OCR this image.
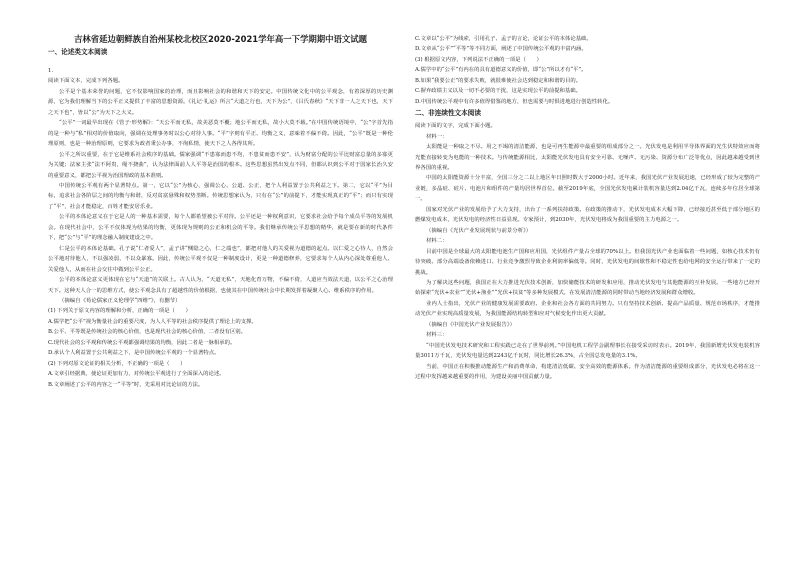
吉林省延边朝鲜族自治州某校北校区2020-2021学年高一下学期期中语文试题
一、论述类文本阅读

1.

阅读下面文本，完成下列各题。

公平是个基本荣誉的问题，它不仅影响国家的治理，而且影响社会的和谐和天下的安定。中国传统文化中的公平观念，有着深厚的历史渊源，它为我们理解当下的公平正义提供了丰富的思想资源。《礼记·礼运》所言“大道之行也，天下为公”，《吕氏春秋》“天下非一人之天下也，天下之天下也”，皆以“公”为天下之大义。

“公平”一词最早出现在《管子·形势解》：“天公平而无私，故美恶莫不覆；地公平而无私，故小大莫不载。”在中国传统语境中，“公”字首先指的是一种与“私”相对的价值取向，强调在处理事务时以公心对待人事。“平”字则有平正、均衡之义，意味着不偏不倚。因此，“公平”既是一种伦理原则，也是一种治理原则，它要求为政者秉公办事，不徇私情，使天下之人各得其所。

公平之所以重要，在于它是维系社会秩序的基础。儒家强调“不患寡而患不均，不患贫而患不安”，认为财富分配的公平比财富总量的多寡更为关键；法家主张“法不阿贵，绳不挠曲”，认为法律面前人人平等是治国的根本。这些思想虽然出发点不同，但都认识到公平对于国家长治久安的重要意义，都把公平视为治国理政的基本准则。

中国传统公平观有两个显著特点。第一，它以“公”为核心，强调公心、公道、公正，把个人利益置于公共利益之下。第二，它以“平”为目标，追求社会各阶层之间的均衡与和谐，反对贫富悬殊和权势垄断。传统思想家认为，只有在“公”的前提下，才能实现真正的“平”；而只有实现了“平”，社会才能稳定，百姓才能安居乐业。

公平的本体论意义在于它是人的一种基本需要，每个人都希望被公平对待。公平还是一种权利意识，它要求社会给予每个成员平等的发展机会。在现代社会中，公平不仅体现为结果的均衡，更体现为规则的公正和机会的平等。我们继承传统公平思想的精华，就是要在新的时代条件下，把“公”与“平”的理念融入制度建设之中。

仁是公平的本体论基础。孔子说“仁者爱人”，孟子讲“恻隐之心，仁之端也”，都把对他人的关爱视为道德的起点。以仁爱之心待人，自然会公平地对待他人，不以强凌弱，不以众暴寡。因此，传统公平观不仅是一种制度设计，更是一种道德修养，它要求每个人从内心深处尊重他人、关爱他人，从而在社会交往中做到公平公正。

公平的本体论意义更体现在它与“天道”的关联上。古人认为，“天道无私”，天地化育万物，不偏不倚，人道应当效法天道，以公平之心治理天下。这种天人合一的思维方式，使公平观念具有了超越性的价值根据，也使其在中国传统社会中长期发挥着凝聚人心、维系秩序的作用。

（摘编自《荀论儒家正义伦理学“四维”》，有删节）

(1) 下列关于原文内容的理解和分析，正确的一项是（　　）

A.儒学把“公平”视为衡量社会的重要尺度，为人人平等的社会秩序提供了理论上的支撑。

B.公平、平等既是传统社会的核心价值，也是现代社会的核心价值，二者没有区别。

C.现代社会的公平观和传统公平观都强调结果的均衡，因此二者是一脉相承的。

D.承认个人利益置于公共利益之下，是中国传统公平观的一个显著特点。

(2) 下列对原文论证的相关分析，不正确的一项是（　　）

A.文章引经据典，使论证更加有力，对传统公平观进行了全面深入的论述。

B.文章阐述了公平的内容之一“平等”时，先采用对比论证的方法。

C.文章以“公平”为线索，引用孔子、孟子的言论，论证公平的本体论基础。

D.文章从“公平”“平等”等不同方面，阐述了中国传统公平观的丰富内涵。

(3) 根据原文内容，下列说法不正确的一项是（　　）

A.儒学中的“公平”有内在的具有道德意义的价值，即“公”所以才有“平”。

B.如果“我要公正”的要求失败，就很难使社会达到稳定和和谐的目的。

C.摒弃政绩主义以及一切不必要的干扰，这是实现公平的前提和基础。

D.中国传统公平观中有许多值得借鉴的地方，但也需要与时俱进地进行创造性转化。

二、非连续性文本阅读

阅读下面的文字，完成下面小题。

材料一：

太阳能是一种取之不尽、用之不竭的清洁能源，也是可再生能源中最重要的组成部分之一。光伏发电是利用半导体界面的光生伏特效应而将光能直接转变为电能的一种技术。与传统能源相比，太阳能光伏发电具有安全可靠、无噪声、无污染、资源分布广泛等优点，因此越来越受到世界各国的重视。

中国的太阳能资源十分丰富，全国三分之二以上地区年日照时数大于2000小时。近年来，我国光伏产业发展迅速，已经形成了较为完整的产业链，多晶硅、硅片、电池片和组件的产量均居世界首位。截至2019年底，全国光伏发电累计装机容量达到2.04亿千瓦，连续多年位居全球第一。

国家对光伏产业的发展给予了大力支持，出台了一系列扶持政策。在政策的推动下，光伏发电成本大幅下降，已经接近甚至低于部分地区的燃煤发电成本，光伏发电的经济性日益显现。专家预计，到2030年，光伏发电将成为我国重要的主力电源之一。

（摘编自《光伏产业发展现状与前景分析》）

材料二：

目前中国是全球最大的太阳能电池生产国和应用国，光伏组件产量占全球的70%以上。但我国光伏产业也面临着一些问题，如核心技术仍有待突破、部分高端设备依赖进口、行业竞争激烈导致企业利润率偏低等。同时，光伏发电的间歇性和不稳定性也给电网的安全运行带来了一定的挑战。

为了解决这些问题，我国正在大力推进光伏技术创新，加快储能技术的研发和应用，推动光伏发电与其他能源的互补发展。一些地方已经开始探索“光伏+农业”“光伏+渔业”“光伏+扶贫”等多种发展模式，在发展清洁能源的同时带动当地经济发展和群众增收。

业内人士指出，光伏产业的健康发展需要政府、企业和社会各方面的共同努力。只有坚持技术创新、提高产品质量、规范市场秩序，才能推动光伏产业实现高质量发展，为我国能源结构转型和应对气候变化作出更大贡献。

（摘编自《中国光伏产业发展报告》）

材料三：

“中国光伏发电技术研究和工程实践已走在了世界前列。”中国电机工程学会副理事长在接受采访时表示。2019年，我国新增光伏发电装机容量3011万千瓦，光伏发电量达到2243亿千瓦时，同比增长26.3%，占全国总发电量的3.1%。

当前，中国正在积极推动能源生产和消费革命，构建清洁低碳、安全高效的能源体系。作为清洁能源的重要组成部分，光伏发电必将在这一过程中发挥越来越重要的作用，为建设美丽中国贡献力量。
